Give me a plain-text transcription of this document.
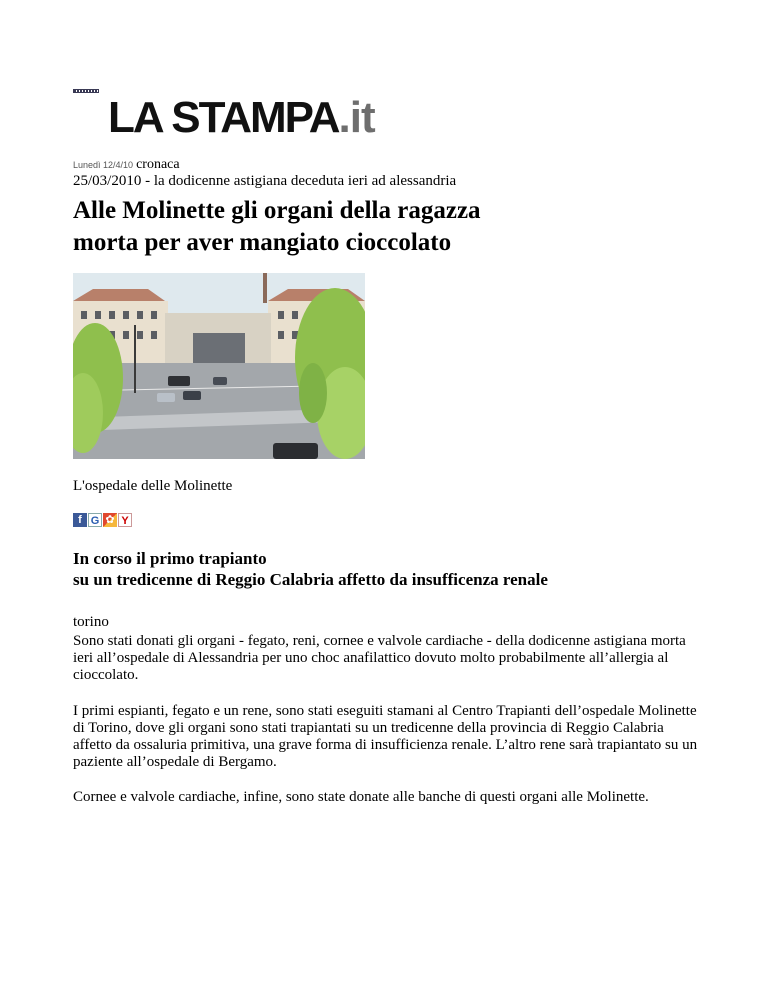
LA STAMPA.it
Lunedì 12/4/10 cronaca
25/03/2010 - la dodicenne astigiana deceduta ieri ad alessandria
Alle Molinette gli organi della ragazza
morta per aver mangiato cioccolato
L'ospedale delle Molinette
f G ✿ Y
In corso il primo trapianto
su un tredicenne di Reggio Calabria affetto da insufficenza renale
torino

Sono stati donati gli organi - fegato, reni, cornee e valvole cardiache - della dodicenne astigiana morta ieri all’ospedale di Alessandria per uno choc anafilattico dovuto molto probabilmente all’allergia al cioccolato.

I primi espianti, fegato e un rene, sono stati eseguiti stamani al Centro Trapianti dell’ospedale Molinette di Torino, dove gli organi sono stati trapiantati su un tredicenne della provincia di Reggio Calabria affetto da ossaluria primitiva, una grave forma di insufficienza renale. L’altro rene sarà trapiantato su un paziente all’ospedale di Bergamo.

Cornee e valvole cardiache, infine, sono state donate alle banche di questi organi alle Molinette.
